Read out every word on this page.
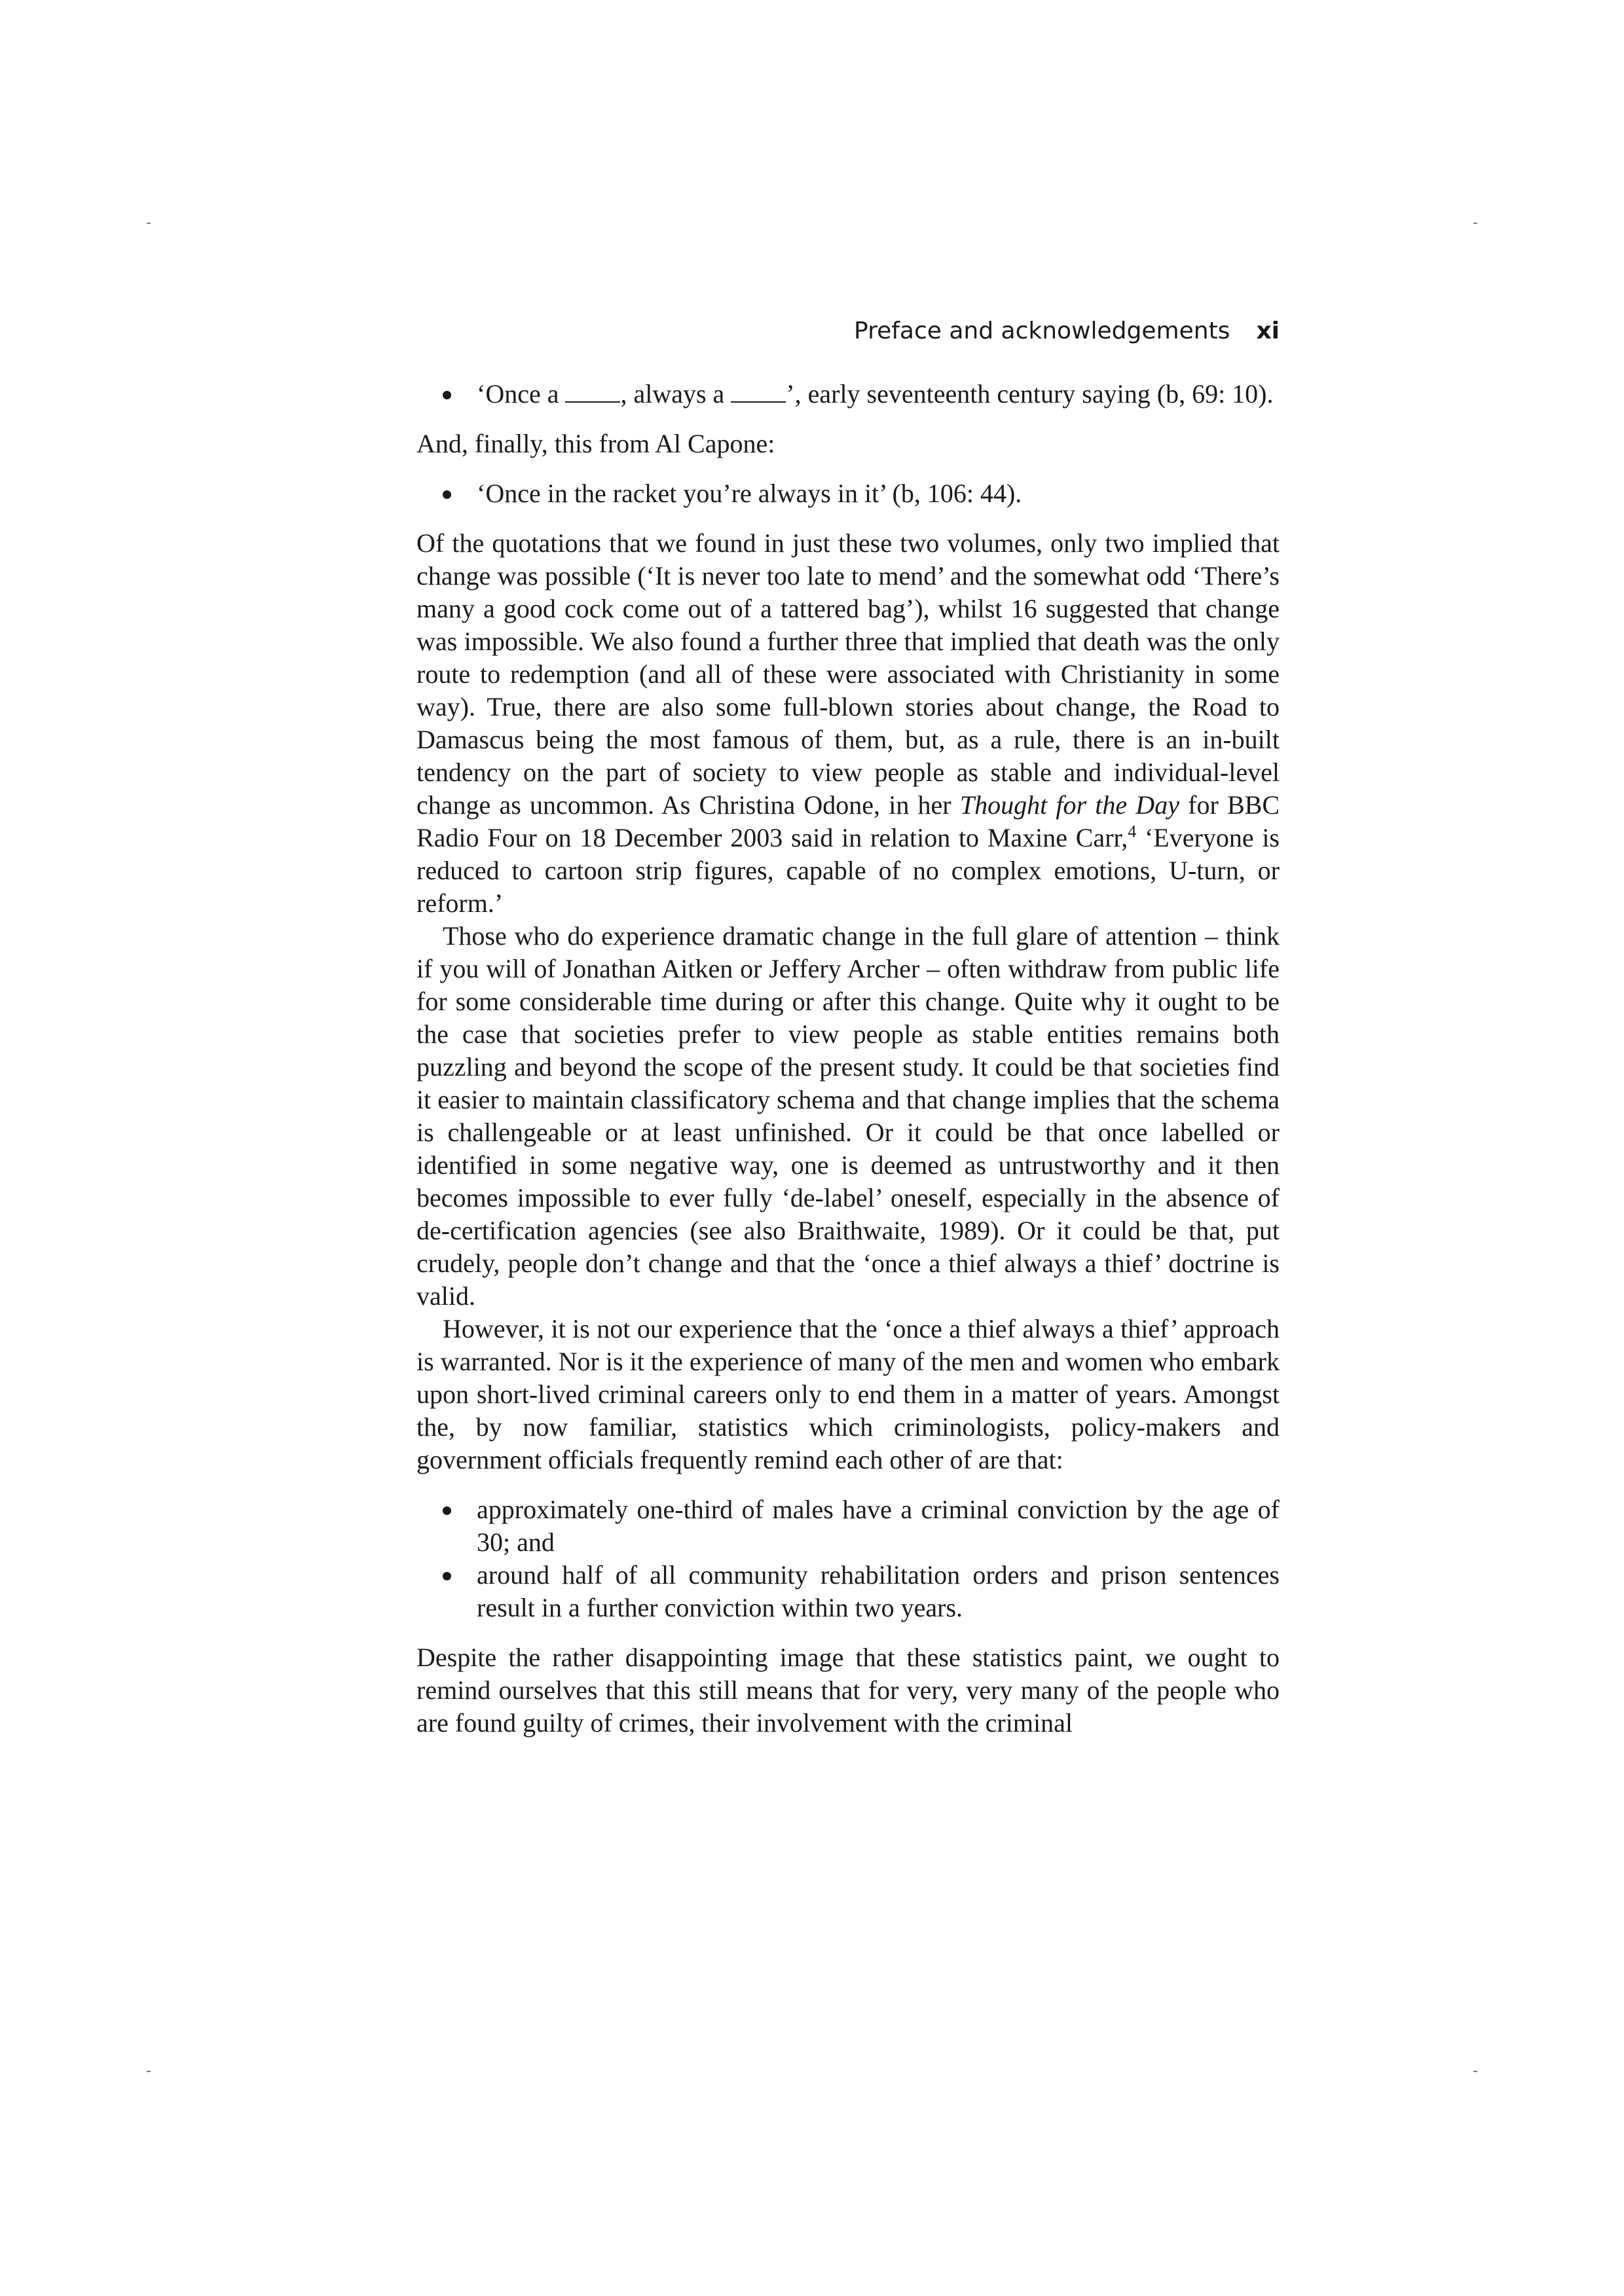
Preface and acknowledgements xi
‘Once a , always a ’, early seventeenth century saying (b, 69: 10).

And, finally, this from Al Capone:

‘Once in the racket you’re always in it’ (b, 106: 44).

Of the quotations that we found in just these two volumes, only two implied that change was possible (‘It is never too late to mend’ and the somewhat odd ‘There’s many a good cock come out of a tattered bag’), whilst 16 suggested that change was impossible. We also found a further three that implied that death was the only route to redemption (and all of these were associated with Christianity in some way). True, there are also some full-blown stories about change, the Road to Damascus being the most famous of them, but, as a rule, there is an in-built tendency on the part of society to view people as stable and individual-level change as uncommon. As Christina Odone, in her Thought for the Day for BBC Radio Four on 18 December 2003 said in relation to Maxine Carr,$^4$ ‘Everyone is reduced to cartoon strip figures, capable of no complex emotions, U-turn, or reform.’

Those who do experience dramatic change in the full glare of attention – think if you will of Jonathan Aitken or Jeffery Archer – often withdraw from public life for some considerable time during or after this change. Quite why it ought to be the case that societies prefer to view people as stable entities remains both puzzling and beyond the scope of the present study. It could be that societies find it easier to maintain classificatory schema and that change implies that the schema is challengeable or at least unfinished. Or it could be that once labelled or identified in some negative way, one is deemed as untrustworthy and it then becomes impossible to ever fully ‘de-label’ oneself, especially in the absence of de-certification agencies (see also Braithwaite, 1989). Or it could be that, put crudely, people don’t change and that the ‘once a thief always a thief’ doctrine is valid.

However, it is not our experience that the ‘once a thief always a thief’ approach is warranted. Nor is it the experience of many of the men and women who embark upon short-lived criminal careers only to end them in a matter of years. Amongst the, by now familiar, statistics which criminologists, policy-makers and government officials frequently remind each other of are that:

approximately one-third of males have a criminal conviction by the age of 30; and
around half of all community rehabilitation orders and prison sentences result in a further conviction within two years.

Despite the rather disappointing image that these statistics paint, we ought to remind ourselves that this still means that for very, very many of the people who are found guilty of crimes, their involvement with the criminal
